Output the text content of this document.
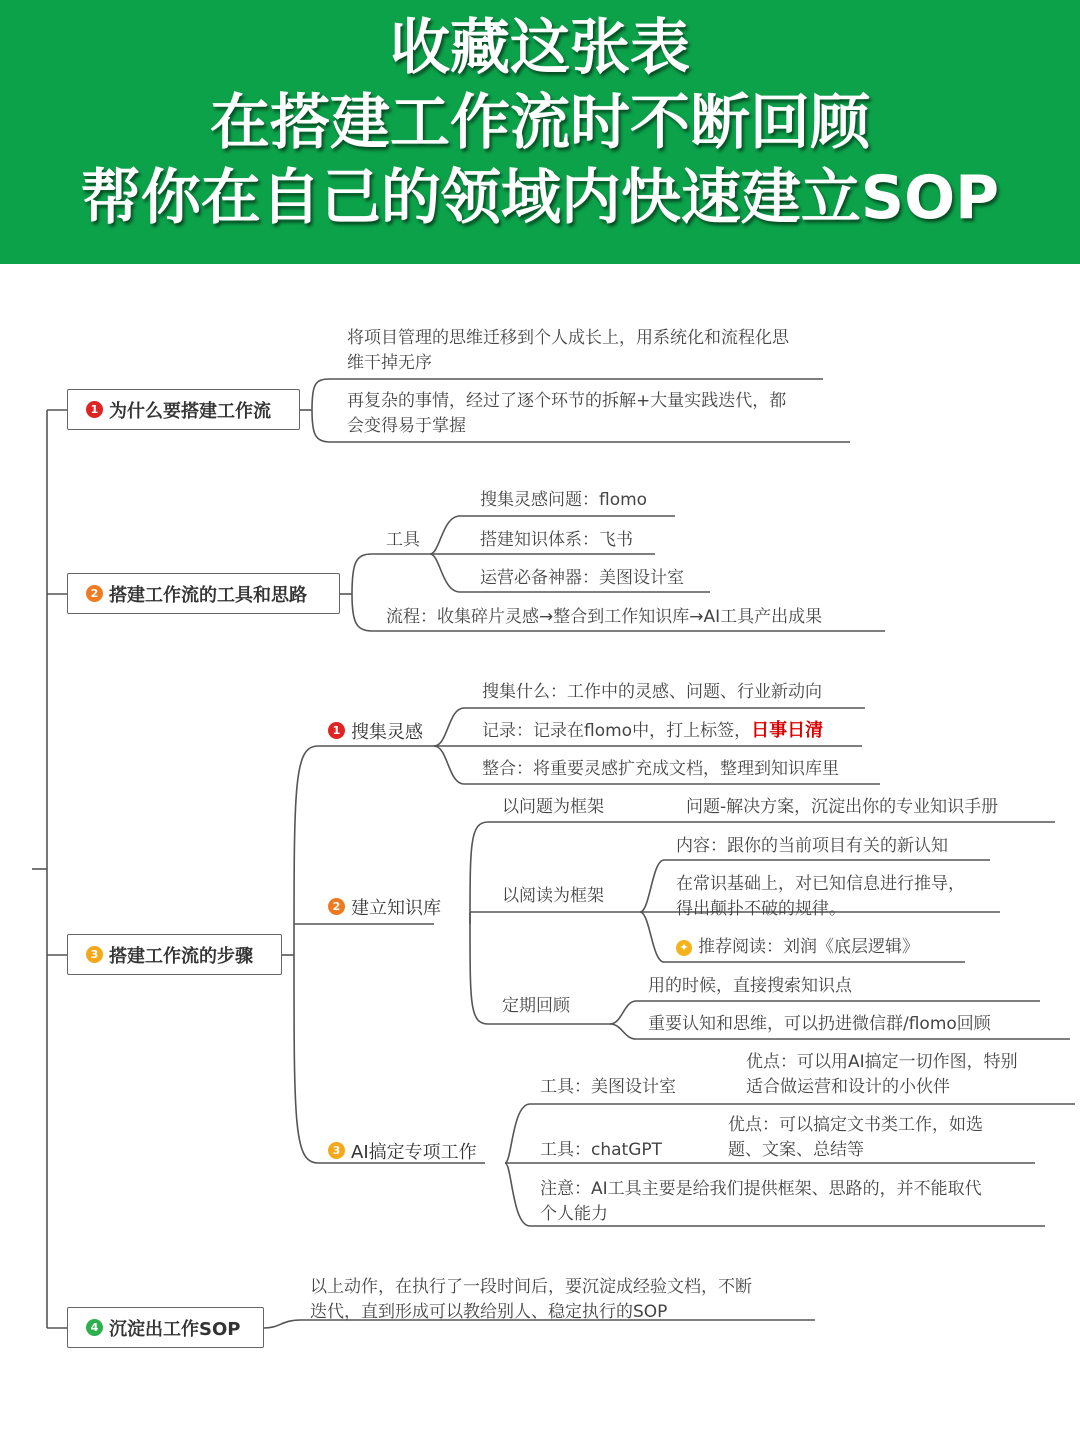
收藏这张表
在搭建工作流时不断回顾
帮你在自己的领域内快速建立SOP
1 为什么要搭建工作流
将项目管理的思维迁移到个人成长上，用系统化和流程化思
维干掉无序
再复杂的事情，经过了逐个环节的拆解+大量实践迭代，都
会变得易于掌握
2 搭建工作流的工具和思路
工具
搜集灵感问题：flomo
搭建知识体系：飞书
运营必备神器：美图设计室
流程：收集碎片灵感→整合到工作知识库→AI工具产出成果
3 搭建工作流的步骤
1 搜集灵感
搜集什么：工作中的灵感、问题、行业新动向
记录：记录在flomo中，打上标签，日事日清
整合：将重要灵感扩充成文档，整理到知识库里
2 建立知识库
以问题为框架	问题-解决方案，沉淀出你的专业知识手册
以阅读为框架
内容：跟你的当前项目有关的新认知
在常识基础上，对已知信息进行推导，
得出颠扑不破的规律。
✦ 推荐阅读：刘润《底层逻辑》
定期回顾
用的时候，直接搜索知识点
重要认知和思维，可以扔进微信群/flomo回顾
3 AI搞定专项工作
工具：美图设计室
优点：可以用AI搞定一切作图，特别
适合做运营和设计的小伙伴
工具：chatGPT
优点：可以搞定文书类工作，如选
题、文案、总结等
注意：AI工具主要是给我们提供框架、思路的，并不能取代
个人能力
4 沉淀出工作SOP
以上动作，在执行了一段时间后，要沉淀成经验文档，不断
迭代，直到形成可以教给别人、稳定执行的SOP
